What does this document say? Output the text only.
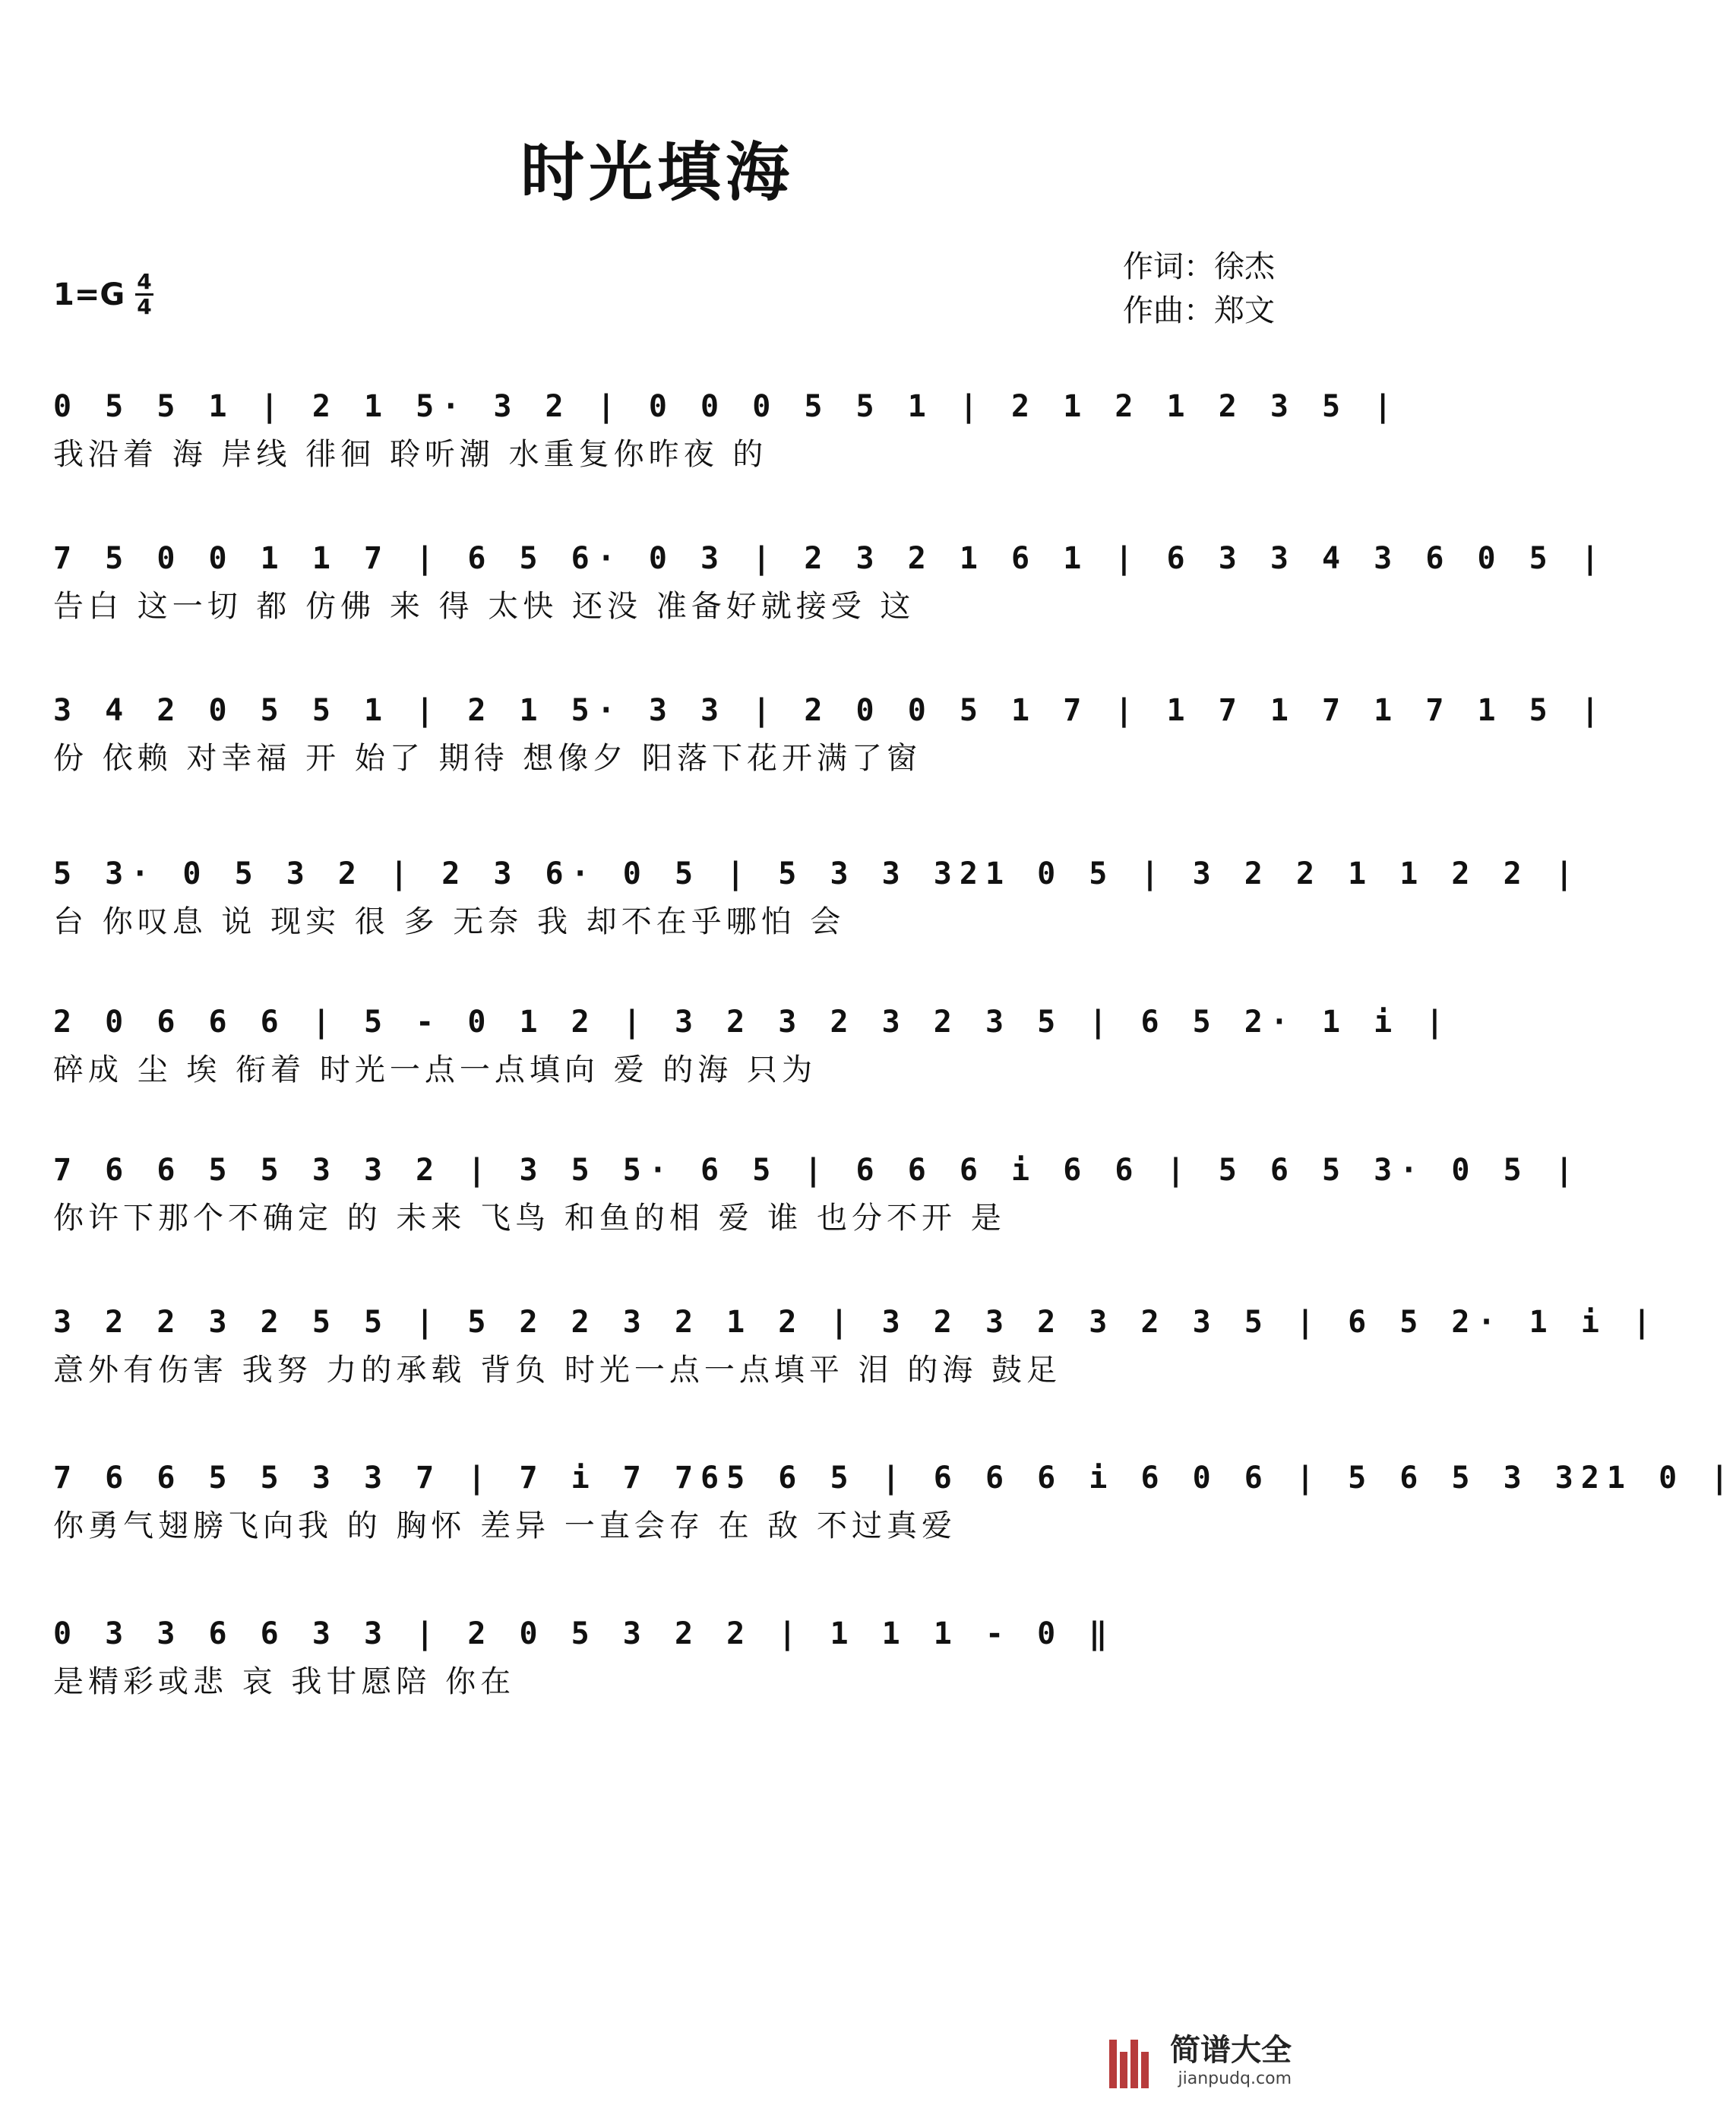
时光填海
$1=G \frac{4}{4}$
作词：徐杰
作曲：郑文
0 5 5 1 | 2 1 5· 3 2 | 0 0 0 5 5 1 | 2 1 2 1 2 3 5 |
我沿着 海 岸线 徘徊 聆听潮 水重复你昨夜 的
7 5 0 0 1 1 7 | 6 5 6· 0 3 | 2 3 2 1 6 1 | 6 3 3 4 3 6 0 5 |
告白 这一切 都 仿佛 来 得 太快 还没 准备好就接受 这
3 4 2 0 5 5 1 | 2 1 5· 3 3 | 2 0 0 5 1 7 | 1 7 1 7 1 7 1 5 |
份 依赖 对幸福 开 始了 期待 想像夕 阳落下花开满了窗
5 3· 0 5 3 2 | 2 3 6· 0 5 | 5 3 3 321 0 5 | 3 2 2 1 1 2 2 |
台 你叹息 说 现实 很 多 无奈 我 却不在乎哪怕 会
2 0 6 6 6 | 5 - 0 1 2 | 3 2 3 2 3 2 3 5 | 6 5 2· 1 i |
碎成 尘 埃 衔着 时光一点一点填向 爱 的海 只为
7 6 6 5 5 3 3 2 | 3 5 5· 6 5 | 6 6 6 i 6 6 | 5 6 5 3· 0 5 |
你许下那个不确定 的 未来 飞鸟 和鱼的相 爱 谁 也分不开 是
3 2 2 3 2 5 5 | 5 2 2 3 2 1 2 | 3 2 3 2 3 2 3 5 | 6 5 2· 1 i |
意外有伤害 我努 力的承载 背负 时光一点一点填平 泪 的海 鼓足
7 6 6 5 5 3 3 7 | 7 i 7 765 6 5 | 6 6 6 i 6 0 6 | 5 6 5 3 321 0 |
你勇气翅膀飞向我 的 胸怀 差异 一直会存 在 敌 不过真爱
0 3 3 6 6 3 3 | 2 0 5 3 2 2 | 1 1 1 - 0 ‖
是精彩或悲 哀 我甘愿陪 你在
简谱大全
jianpudq.com
